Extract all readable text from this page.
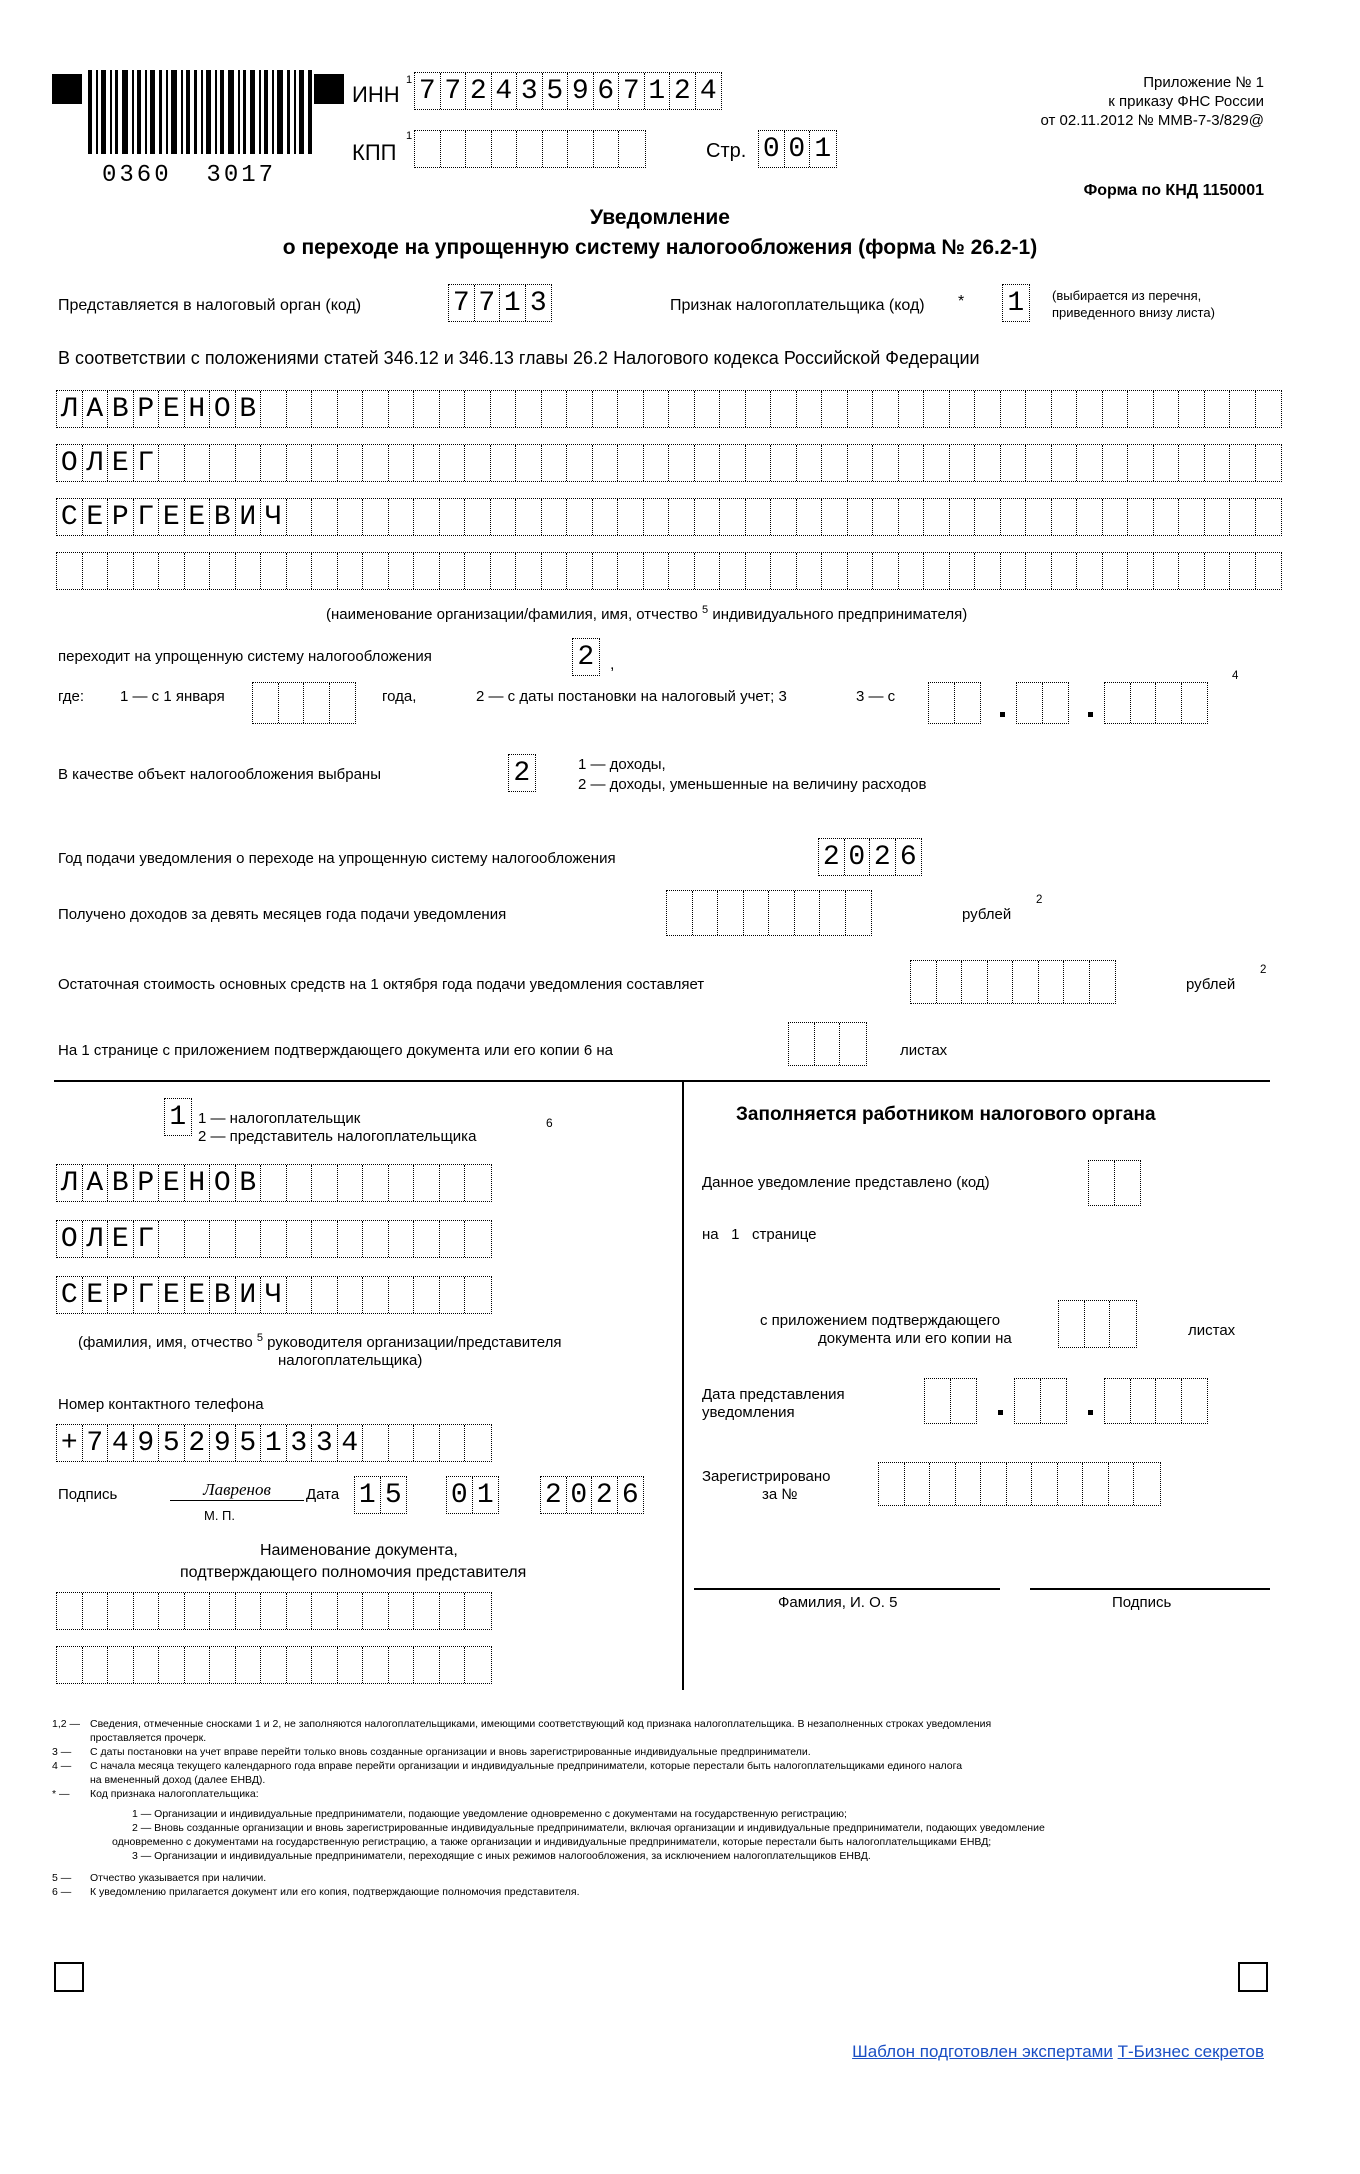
0360  3017
ИНН
1 7 7 2 4 3 5 9 6 7 1 2 4
КПП
1
Стр. 0 0 1
Приложение № 1
к приказу ФНС России
от 02.11.2012 № ММВ-7-3/829@
Форма по КНД 1150001
Уведомление
о переходе на упрощенную систему налогообложения (форма № 26.2-1)
Представляется в налоговый орган (код)	7 7 1 3	Признак налогоплательщика (код) * 1	(выбирается из перечня,
приведенного внизу листа)
В соответствии с положениями статей 346.12 и 346.13 главы 26.2 Налогового кодекса Российской Федерации
Л А В Р Е Н О В
О Л Е Г
С Е Р Г Е Е В И Ч
(наименование организации/фамилия, имя, отчество $^5$ индивидуального предпринимателя)
переходит на упрощенную систему налогообложения	2 ,
где: 1 — с 1 января	года,	2 — с даты постановки на налоговый учет; 3	3 — с
4
В качестве объект налогообложения выбраны	2	1 — доходы,
2 — доходы, уменьшенные на величину расходов
Год подачи уведомления о переходе на упрощенную систему налогообложения	2 0 2 6
Получено доходов за девять месяцев года подачи уведомления	рублей
2
Остаточная стоимость основных средств на 1 октября года подачи уведомления составляет	рублей
2
На 1 странице с приложением подтверждающего документа или его копии 6 на	листах
1 1 — налогоплательщик
2 — представитель налогоплательщика
6
Л А В Р Е Н О В
О Л Е Г
С Е Р Г Е Е В И Ч
(фамилия, имя, отчество $^5$ руководителя организации/представителя
налогоплательщика)
Номер контактного телефона
+ 7 4 9 5 2 9 5 1 3 3 4
Подпись	Лавренов
М. П.
Дата 1 5 0 1 2 0 2 6
Наименование документа,
подтверждающего полномочия представителя
Заполняется работником налогового органа
Данное уведомление представлено (код)
на 1 странице
с приложением подтверждающего
документа или его копии на	листах
Дата представления
уведомления
Зарегистрировано
за №
Фамилия, И. О. 5	Подпись
1,2 — Сведения, отмеченные сносками 1 и 2, не заполняются налогоплательщиками, имеющими соответствующий код признака налогоплательщика. В незаполненных строках уведомления
проставляется прочерк.
3 — С даты постановки на учет вправе перейти только вновь созданные организации и вновь зарегистрированные индивидуальные предприниматели.
4 — С начала месяца текущего календарного года вправе перейти организации и индивидуальные предприниматели, которые перестали быть налогоплательщиками единого налога
на вмененный доход (далее ЕНВД).
* — Код признака налогоплательщика:
1 — Организации и индивидуальные предприниматели, подающие уведомление одновременно с документами на государственную регистрацию;
2 — Вновь созданные организации и вновь зарегистрированные индивидуальные предприниматели, включая организации и индивидуальные предприниматели, подающих уведомление
одновременно с документами на государственную регистрацию, а также организации и индивидуальные предприниматели, которые перестали быть налогоплательщиками ЕНВД;
3 — Организации и индивидуальные предприниматели, переходящие с иных режимов налогообложения, за исключением налогоплательщиков ЕНВД.
5 — Отчество указывается при наличии.
6 — К уведомлению прилагается документ или его копия, подтверждающие полномочия представителя.
Шаблон подготовлен экспертами Т-Бизнес секретов
